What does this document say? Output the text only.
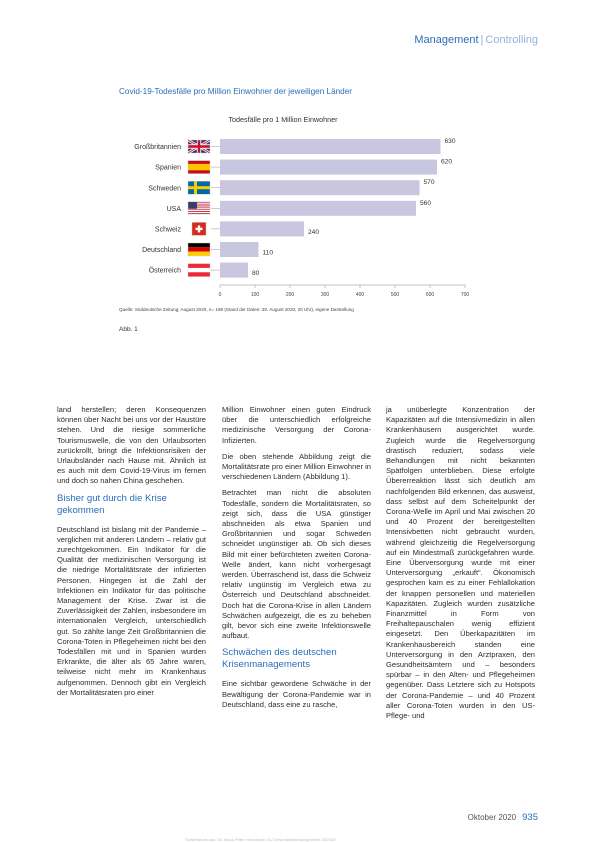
Management | Controlling
Covid-19-Todesfälle pro Million Einwohner der jeweiligen Länder
Todesfälle pro 1 Million Einwohner
Großbritannien
630
Spanien
620
Schweden
570
USA
560
Schweiz	240
Deutschland	110
Österreich	80
0	100	200	300	400	500	600	700
Quelle: Süddeutsche Zeitung, August 2020, n= 188 (Stand der Daten: 30. August 2020, 20 Uhr), eigene Darstellung
Abb. 1

land herstellen; deren Konsequenzen können über Nacht bei uns vor der Haustüre stehen. Und die riesige sommerliche Tourismuswelle, die von den Urlaubsorten zurückrollt, bringt die Infektionsrisiken der Urlaubsländer nach Hause mit. Ähnlich ist es auch mit dem Covid-19-Virus im fernen und doch so nahen China geschehen.

Bisher gut durch die Krise gekommen

Deutschland ist bislang mit der Pandemie – verglichen mit anderen Ländern – relativ gut zurechtgekommen. Ein Indikator für die Qualität der medizinischen Versorgung ist die niedrige Mortalitätsrate der infizierten Personen. Hingegen ist die Zahl der Infektionen ein Indikator für das politische Management der Krise. Zwar ist die Zuverlässigkeit der Zahlen, insbesondere im internationalen Vergleich, unterschiedlich gut. So zählte lange Zeit Großbritannien die Corona-Toten in Pflegeheimen nicht bei den Todesfällen mit und in Spanien wurden Erkrankte, die älter als 65 Jahre waren, teilweise nicht mehr im Krankenhaus aufgenommen. Dennoch gibt ein Vergleich der Mortalitätsraten pro einer

Million Einwohner einen guten Eindruck über die unterschiedlich erfolgreiche medizinische Versorgung der Corona-Infizierten.

Die oben stehende Abbildung zeigt die Mortalitätsrate pro einer Million Einwohner in verschiedenen Ländern (Abbildung 1).

Betrachtet man nicht die absoluten Todesfälle, sondern die Mortalitätsraten, so zeigt sich, dass die USA günstiger abschneiden als etwa Spanien und Großbritannien und sogar Schweden schneidet ungünstiger ab. Ob sich dieses Bild mit einer befürchteten zweiten Corona-Welle ändert, kann nicht vorhergesagt werden. Überraschend ist, dass die Schweiz relativ ungünstig im Vergleich etwa zu Österreich und Deutschland abschneidet. Doch hat die Corona-Krise in allen Ländern Schwächen aufgezeigt, die es zu beheben gilt, bevor sich eine zweite Infektionswelle aufbaut.

Schwächen des deutschen Krisenmanagements

Eine sichtbar gewordene Schwäche in der Bewältigung der Corona-Pandemie war in Deutschland, dass eine zu rasche,

ja unüberlegte Konzentration der Kapazitäten auf die Intensivmedizin in allen Krankenhäusern ausgerichtet wurde. Zugleich wurde die Regelversorgung drastisch reduziert, sodass viele Behandlungen mit nicht bekannten Spätfolgen unterblieben. Diese erfolgte Übererreaktion lässt sich deutlich am nachfolgenden Bild erkennen, das ausweist, dass selbst auf dem Scheitelpunkt der Corona-Welle im April und Mai zwischen 20 und 40 Prozent der bereitgestellten Intensivbetten nicht gebraucht wurden, während gleichzeitig die Regelversorgung auf ein Mindestmaß zurückgefahren wurde. Eine Überversorgung wurde mit einer Unterversorgung „erkauft“. Ökonomisch gesprochen kam es zu einer Fehlallokation der knappen personellen und materiellen Kapazitäten. Zugleich wurden zusätzliche Finanzmittel in Form von Freihaltepauschalen wenig effizient eingesetzt. Den Überkapazitäten im Krankenhausbereich standen eine Unterversorgung in den Arztpraxen, den Gesundheitsämtern und – besonders spürbar – in den Alten- und Pflegeheimen gegenüber. Dass Letztere sich zu Hotspots der Corona-Pandemie – und 40 Prozent aller Corona-Toten wurden in den US-Pflege- und

Sonderdruck aus: Dr. Klaus-Peter Horndasch, KU Gesundheitsmanagement 10/2020
Oktober 2020 935
